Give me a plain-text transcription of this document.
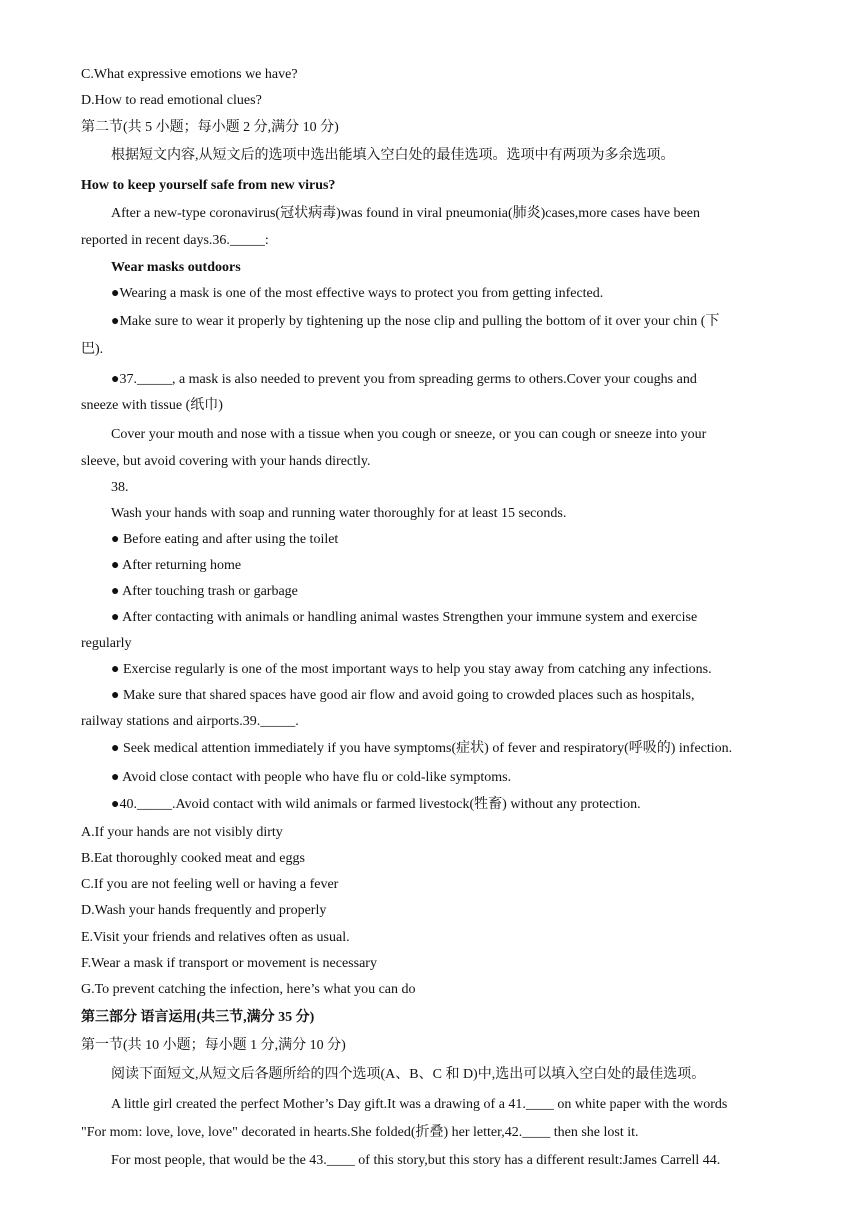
C.What expressive emotions we have?
D.How to read emotional clues?
第二节(共 5 小题；每小题 2 分,满分 10 分)
根据短文内容,从短文后的选项中选出能填入空白处的最佳选项。选项中有两项为多余选项。
How to keep yourself safe from new virus?
After a new-type coronavirus(冠状病毒)was found in viral pneumonia(肺炎)cases,more cases have been
reported in recent days.36._____:
Wear masks outdoors
●Wearing a mask is one of the most effective ways to protect you from getting infected.
●Make sure to wear it properly by tightening up the nose clip and pulling the bottom of it over your chin (下
巴).
●37._____, a mask is also needed to prevent you from spreading germs to others.Cover your coughs and
sneeze with tissue (纸巾)
Cover your mouth and nose with a tissue when you cough or sneeze, or you can cough or sneeze into your
sleeve, but avoid covering with your hands directly.
38.
Wash your hands with soap and running water thoroughly for at least 15 seconds.
● Before eating and after using the toilet
● After returning home
● After touching trash or garbage
● After contacting with animals or handling animal wastes Strengthen your immune system and exercise
regularly
● Exercise regularly is one of the most important ways to help you stay away from catching any infections.
● Make sure that shared spaces have good air flow and avoid going to crowded places such as hospitals,
railway stations and airports.39._____.
● Seek medical attention immediately if you have symptoms(症状) of fever and respiratory(呼吸的) infection.
● Avoid close contact with people who have flu or cold-like symptoms.
●40._____.Avoid contact with wild animals or farmed livestock(牲畜) without any protection.
A.If your hands are not visibly dirty
B.Eat thoroughly cooked meat and eggs
C.If you are not feeling well or having a fever
D.Wash your hands frequently and properly
E.Visit your friends and relatives often as usual.
F.Wear a mask if transport or movement is necessary
G.To prevent catching the infection, here’s what you can do
第三部分 语言运用(共三节,满分 35 分)
第一节(共 10 小题；每小题 1 分,满分 10 分)
阅读下面短文,从短文后各题所给的四个选项(A、B、C 和 D)中,选出可以填入空白处的最佳选项。
A little girl created the perfect Mother’s Day gift.It was a drawing of a 41.____ on white paper with the words
"For mom: love, love, love" decorated in hearts.She folded(折叠) her letter,42.____ then she lost it.
For most people, that would be the 43.____ of this story,but this story has a different result:James Carrell 44.
